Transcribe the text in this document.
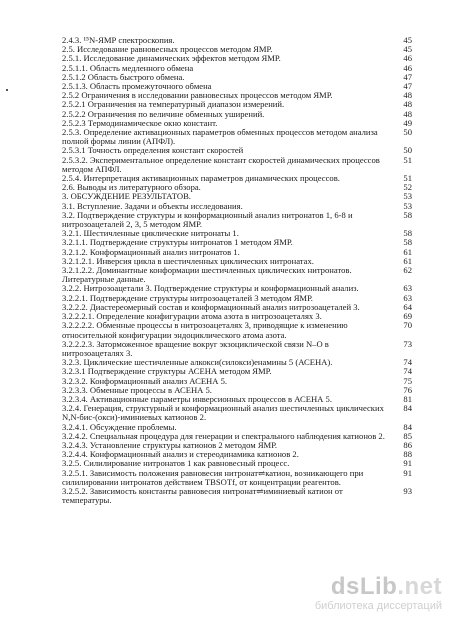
2.4.3. ¹⁵N-ЯМР спектроскопия.	45
2.5. Исследование равновесных процессов методом ЯМР.	45
2.5.1. Исследование динамических эффектов методом ЯМР.	46
2.5.1.1. Область медленного обмена	46
2.5.1.2 Область быстрого обмена.	47
2.5.1.3. Область промежуточного обмена	47
2.5.2 Ограничения в исследовании равновесных процессов методом ЯМР.	48
2.5.2.1 Ограничения на температурный диапазон измерений.	48
2.5.2.2 Ограничения по величине обменных уширений.	48
2.5.2.3 Термодинамическое окно констант.	49
2.5.3. Определение активационных параметров обменных процессов методом анализа полной формы линии (АПФЛ).
50
2.5.3.1 Точность определения констант скоростей	50
2.5.3.2. Экспериментальное определение констант скоростей динамических процессов методом АПФЛ.
51
2.5.4. Интерпретация активационных параметров динамических процессов.	51
2.6. Выводы из литературного обзора.	52
3. ОБСУЖДЕНИЕ РЕЗУЛЬТАТОВ.	53
3.1. Вступление. Задачи и объекты исследования.	53
3.2. Подтверждение структуры и конформационный анализ нитронатов 1, 6-8 и нитрозоацеталей 2, 3, 5 методом ЯМР.
58
3.2.1. Шестичленные циклические нитронаты 1.	58
3.2.1.1. Подтверждение структуры нитронатов 1 методом ЯМР.	58
3.2.1.2. Конформационный анализ нитронатов 1.	61
3.2.1.2.1. Инверсия цикла в шестичленных циклических нитронатах.	61
3.2.1.2.2. Доминантные конформации шестичленных циклических нитронатов. Литературные данные.
62
3.2.2. Нитрозоацетали 3. Подтверждение структуры и конформационный анализ.	63
3.2.2.1. Подтверждение структуры нитрозоацеталей 3 методом ЯМР.	63
3.2.2.2. Диастереомерный состав и конформационный анализ нитрозоацеталей 3.	64
3.2.2.2.1. Определение конфигурации атома азота в нитрозоацеталях 3.	69
3.2.2.2.2. Обменные процессы в нитрозоацеталях 3, приводящие к изменению относительной конфигурации эндоциклического атома азота.
70
3.2.2.2.3. Заторможенное вращение вокруг экзоциклической связи N–O в нитрозоацеталях 3.
73
3.2.3. Циклические шестичленные алкокси(силокси)енамины 5 (АСЕНА).	74
3.2.3.1 Подтверждение структуры АСЕНА методом ЯМР.	74
3.2.3.2. Конформационный анализ АСЕНА 5.	75
3.2.3.3. Обменные процессы в АСЕНА 5.	76
3.2.3.4. Активационные параметры инверсионных процессов в АСЕНА 5.	81
3.2.4. Генерация, структурный и конформационный анализ шестичленных циклических N,N-бис-(окси)-иминиевых катионов 2.
84
3.2.4.1. Обсуждение проблемы.	84
3.2.4.2. Специальная процедура для генерации и спектрального наблюдения катионов 2.	85
3.2.4.3. Установление структуры катионов 2 методом ЯМР.	86
3.2.4.4. Конформационный анализ и стереодинамика катионов 2.	88
3.2.5. Силилирование нитронатов 1 как равновесный процесс.	91
3.2.5.1. Зависимость положения равновесия нитронат⇌катион, возникающего при силилировании нитронатов действием TBSOTf, от концентрации реагентов.
91
3.2.5.2. Зависимость константы равновесия нитронат⇌иминиевый катион от температуры.
93
dsLib.net
библиотека диссертаций
